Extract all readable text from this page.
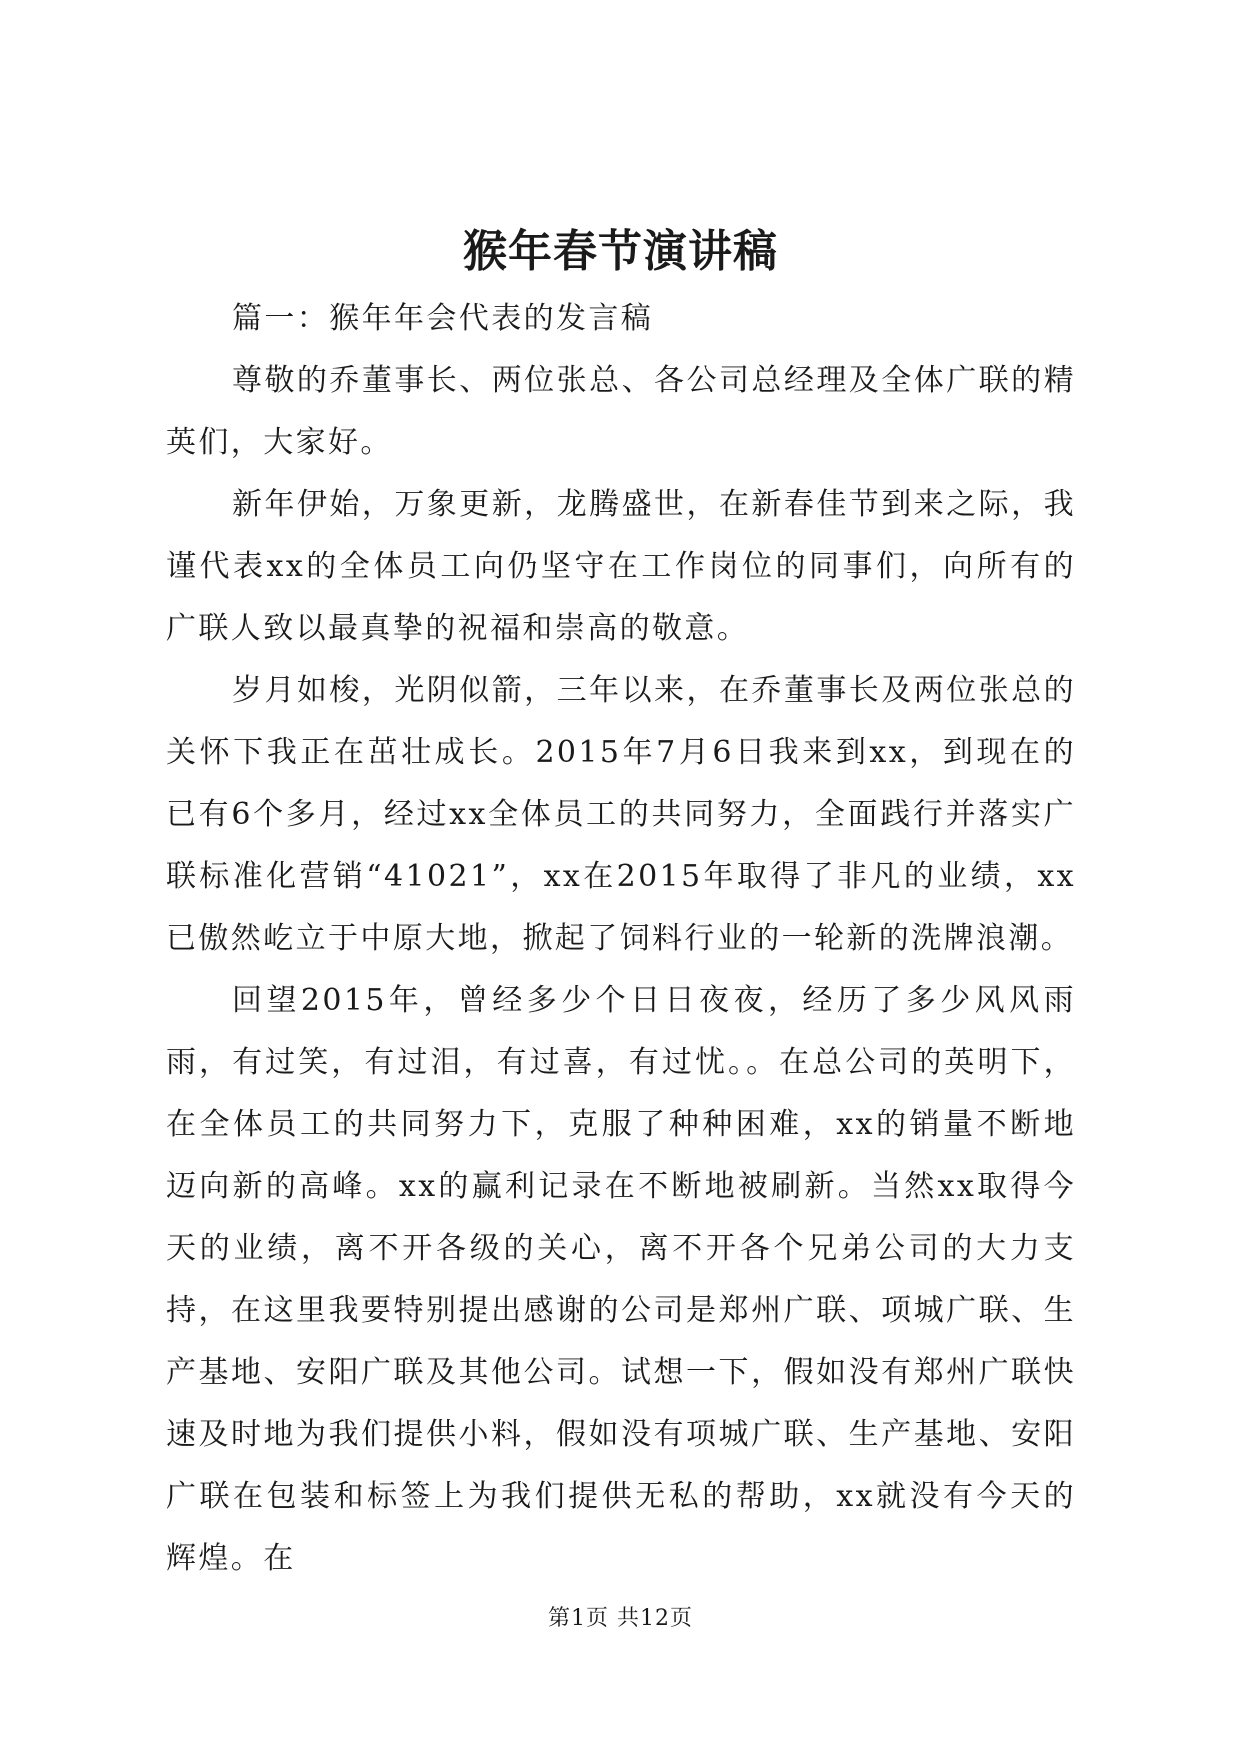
猴年春节演讲稿

篇一：猴年年会代表的发言稿

尊敬的乔董事长、两位张总、各公司总经理及全体广联的精英们，大家好。

新年伊始，万象更新，龙腾盛世，在新春佳节到来之际，我谨代表xx的全体员工向仍坚守在工作岗位的同事们，向所有的广联人致以最真挚的祝福和崇高的敬意。

岁月如梭，光阴似箭，三年以来，在乔董事长及两位张总的关怀下我正在茁壮成长。2015年7月6日我来到xx，到现在的已有6个多月，经过xx全体员工的共同努力，全面践行并落实广联标准化营销“41021”，xx在2015年取得了非凡的业绩，xx已傲然屹立于中原大地，掀起了饲料行业的一轮新的洗牌浪潮。

回望2015年，曾经多少个日日夜夜，经历了多少风风雨雨，有过笑，有过泪，有过喜，有过忧。。在总公司的英明下，在全体员工的共同努力下，克服了种种困难，xx的销量不断地迈向新的高峰。xx的赢利记录在不断地被刷新。当然xx取得今天的业绩，离不开各级的关心，离不开各个兄弟公司的大力支持，在这里我要特别提出感谢的公司是郑州广联、项城广联、生产基地、安阳广联及其他公司。试想一下，假如没有郑州广联快速及时地为我们提供小料，假如没有项城广联、生产基地、安阳广联在包装和标签上为我们提供无私的帮助，xx就没有今天的辉煌。在

第1页 共12页
